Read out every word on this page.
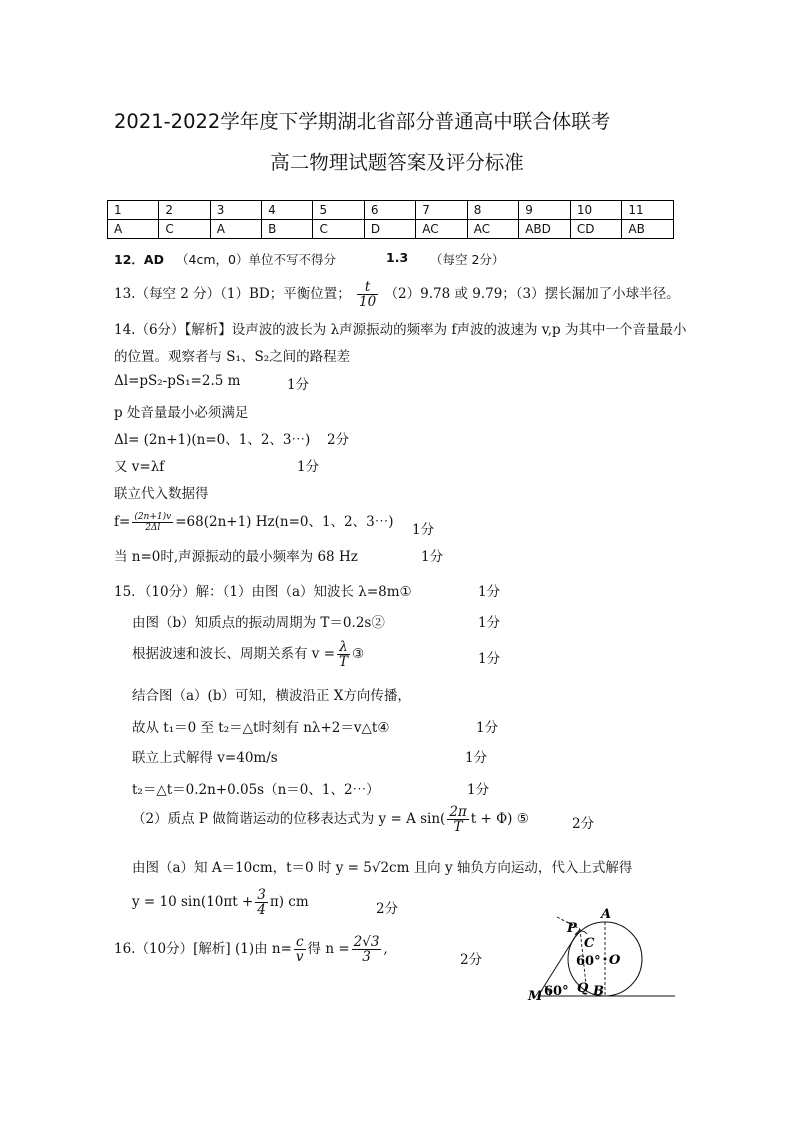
2021-2022学年度下学期湖北省部分普通高中联合体联考
高二物理试题答案及评分标准
1	2	3	4	5	6	7	8	9	10	11
A	C	A	B	C	D	AC	AC	ABD	CD	AB
12．AD （4cm，0）单位不写不得分	1.3 （每空 2分）
13.（每空 2 分）（1）BD；平衡位置； $\frac{t}{10} (2)9.78$ 或 9.79；（3）摆长漏加了小球半径。
14.（6分）【解析】设声波的波长为 λ声源振动的频率为 f声波的波速为 v,p 为其中一个音量最小
的位置。观察者与 S₁、S₂之间的路程差
Δl=pS₂-pS₁=2.5 m	1分
p 处音量最小必须满足
Δl= (2n+1)(n=0、1、2、3⋯) 2分
又 v=λf	1分
联立代入数据得
$f= \frac{(2n+1)v}{2\Delta l} =68(2n+1)$ Hz(n=0、1、2、3⋯) 1分
当 n=0时,声源振动的最小频率为 68 Hz	1分
15．（10分）解：（1）由图（a）知波长 λ=8m①	1分
由图（b）知质点的振动周期为 T＝0.2s②	1分
根据波速和波长、周期关系有 $v = \frac{\lambda}{T}$ ③	1分
结合图（a）(b）可知，横波沿正 X方向传播，
故从 t₁＝0 至 t₂＝△t时刻有 nλ+2＝v△t④	1分
联立上式解得 v=40m/s	1分
t₂＝△t＝0.2n+0.05s（n＝0、1、2⋯）	1分
（2）质点 P 做简谐运动的位移表达式为 y = A $\sin( \frac{2\pi}{T}$ t + Φ) ⑤	2分
由图（a）知 A＝10cm，t＝0 时 y = 5√2cm 且向 y 轴负方向运动，代入上式解得
y = 10 $\sin(10\pi t + \frac{3}{4} \pi)$ cm	2分
16.（10分）[解析] (1)由 $n= \frac{c}{v}$ 得 $n = \frac{2√3}{3}$ ,
2分
A
P
C
O
Q B
M
60°
60°
